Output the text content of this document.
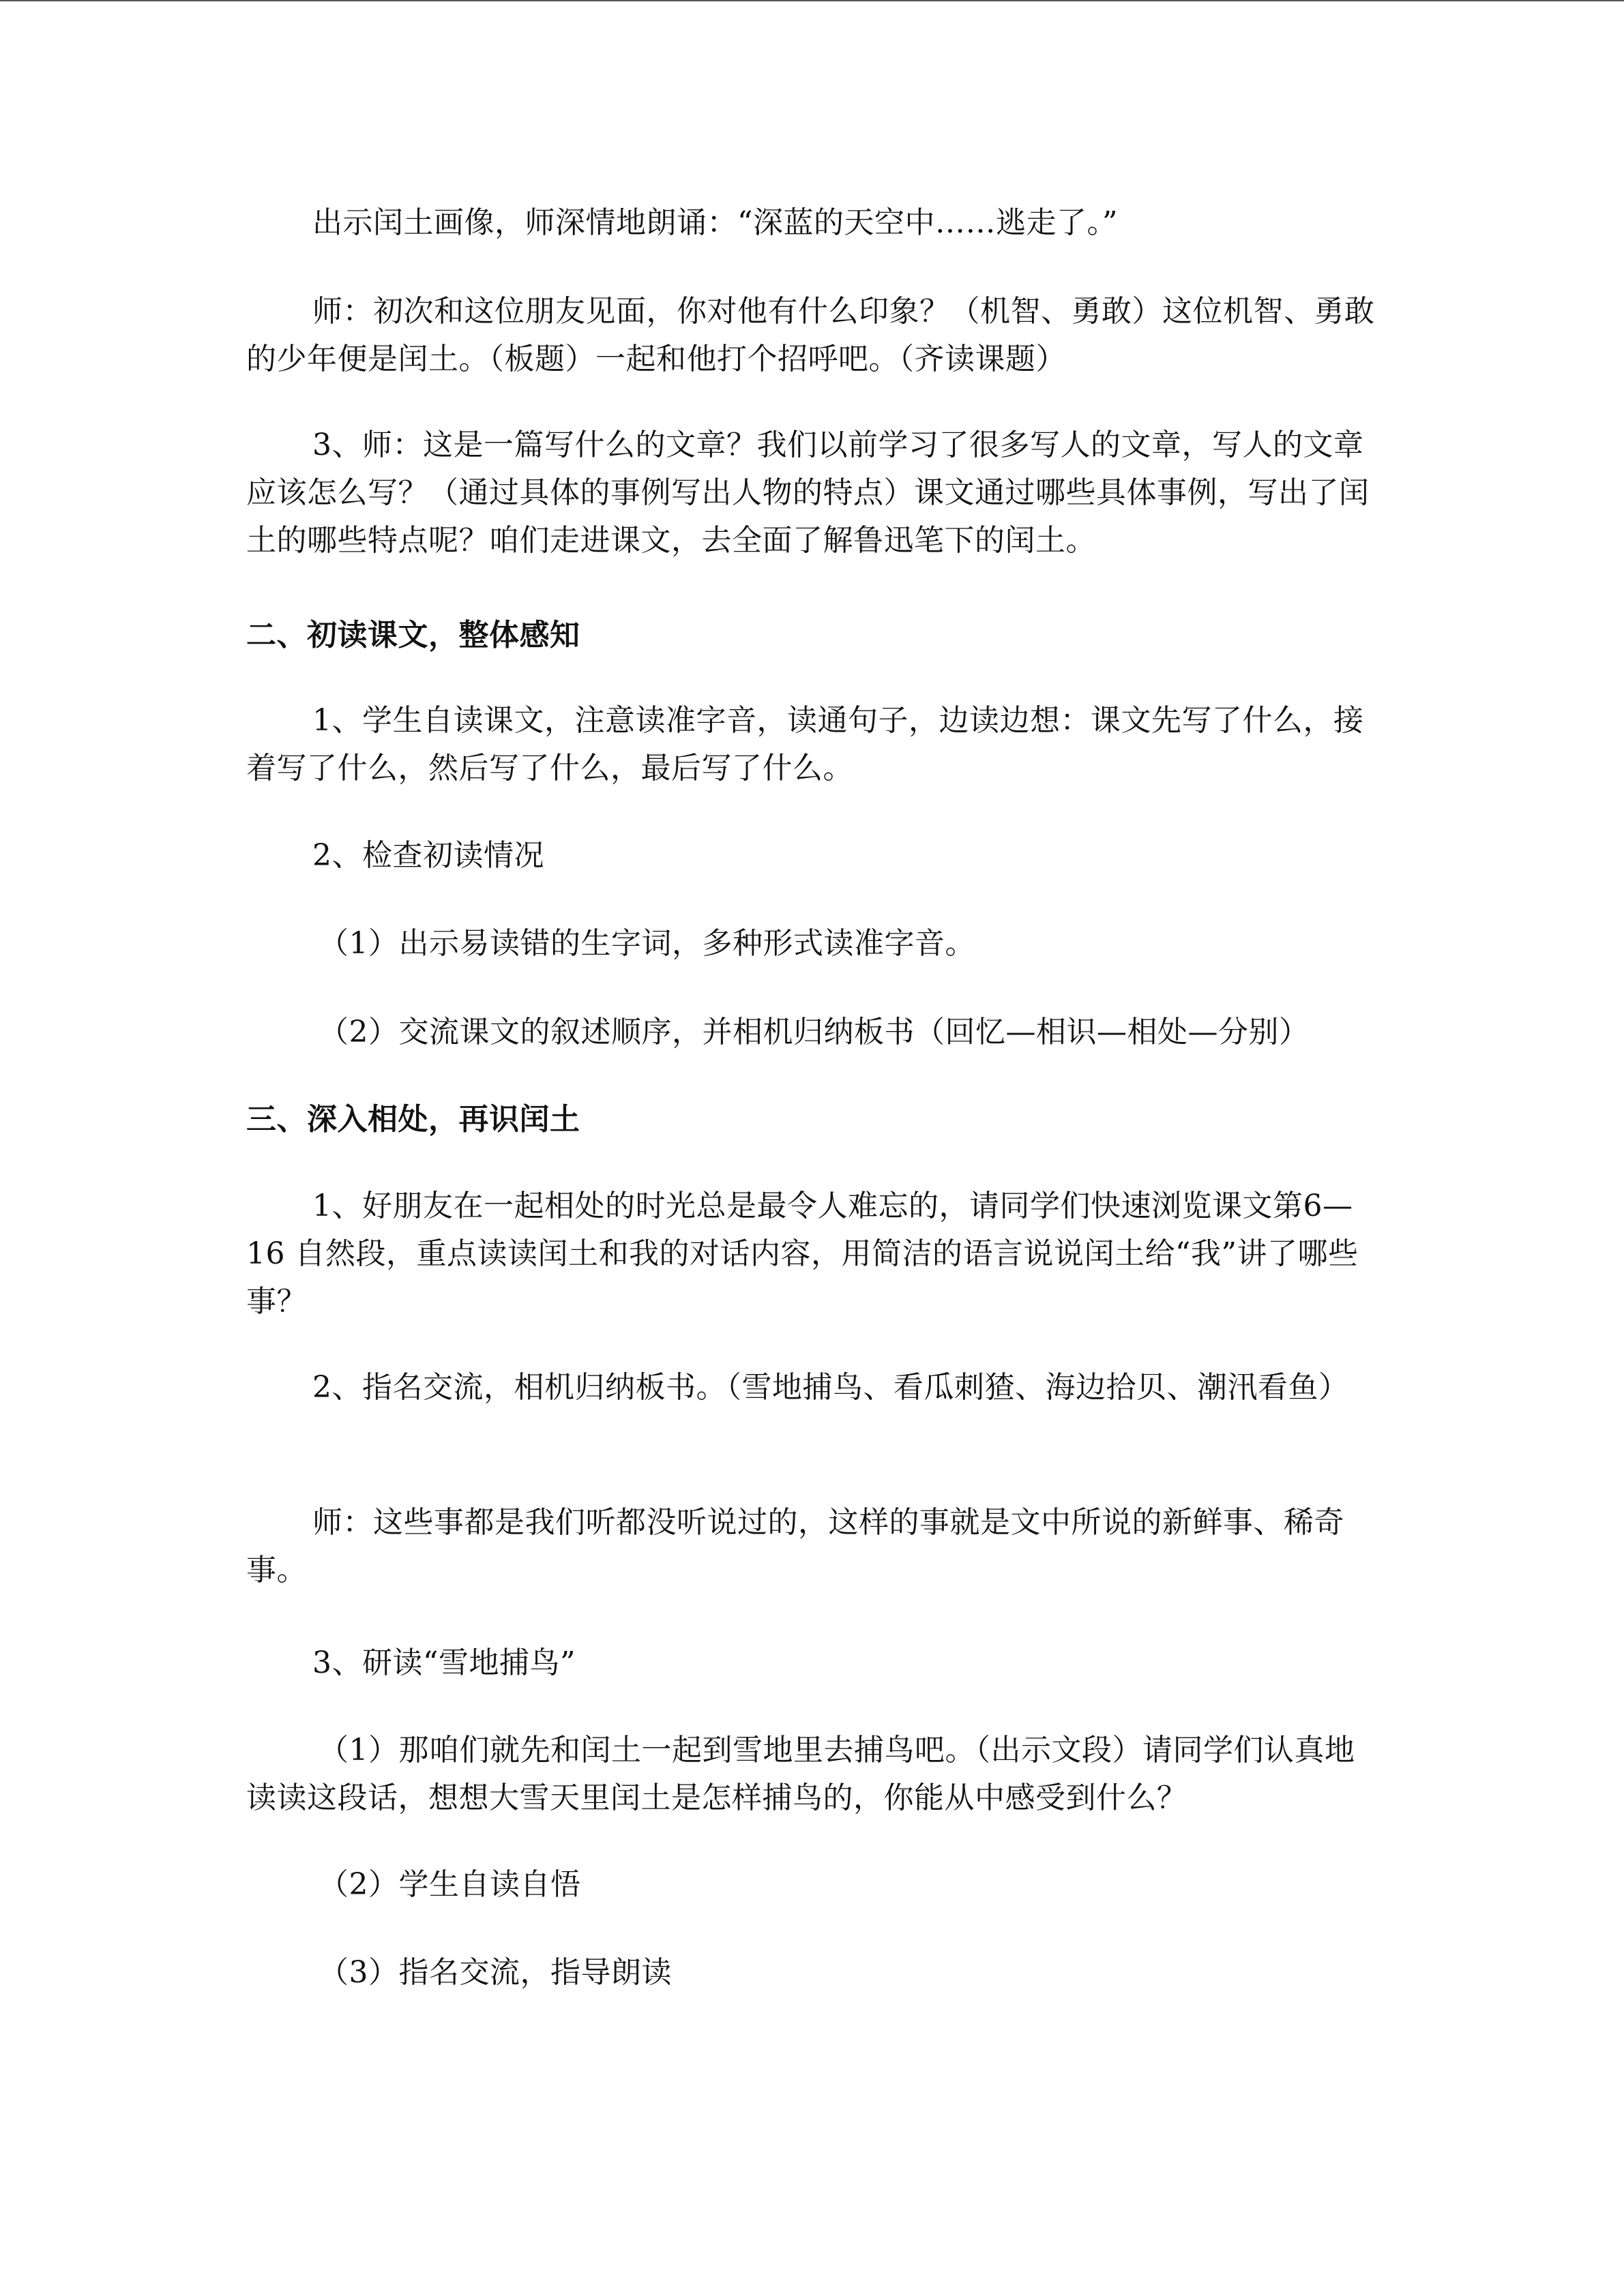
出示闰土画像，师深情地朗诵：“深蓝的天空中……逃走了。”

师：初次和这位朋友见面，你对他有什么印象？（机智、勇敢）这位机智、勇敢的少年便是闰土。（板题）一起和他打个招呼吧。（齐读课题）

3、师：这是一篇写什么的文章？我们以前学习了很多写人的文章，写人的文章应该怎么写？（通过具体的事例写出人物的特点）课文通过哪些具体事例，写出了闰土的哪些特点呢？咱们走进课文，去全面了解鲁迅笔下的闰土。

二、初读课文，整体感知

1、学生自读课文，注意读准字音，读通句子，边读边想：课文先写了什么，接着写了什么，然后写了什么，最后写了什么。

2、检查初读情况

（1）出示易读错的生字词，多种形式读准字音。

（2）交流课文的叙述顺序，并相机归纳板书（回忆—相识—相处—分别）

三、深入相处，再识闰土

1、好朋友在一起相处的时光总是最令人难忘的，请同学们快速浏览课文第6—16 自然段，重点读读闰土和我的对话内容，用简洁的语言说说闰土给“我”讲了哪些事？

2、指名交流，相机归纳板书。（雪地捕鸟、看瓜刺猹、海边拾贝、潮汛看鱼）

师：这些事都是我们听都没听说过的，这样的事就是文中所说的新鲜事、稀奇事。

3、研读“雪地捕鸟”

（1）那咱们就先和闰土一起到雪地里去捕鸟吧。（出示文段）请同学们认真地读读这段话，想想大雪天里闰土是怎样捕鸟的，你能从中感受到什么？

（2）学生自读自悟

（3）指名交流，指导朗读
